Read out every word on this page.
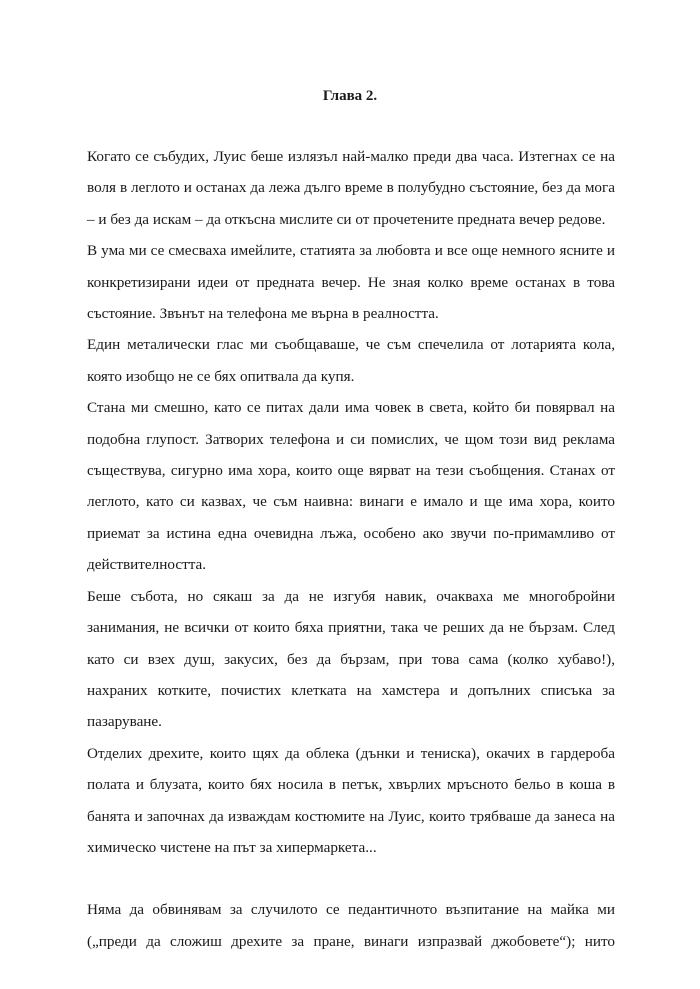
Глава 2.

Когато се събудих, Луис беше излязъл най-малко преди два часа. Изтегнах се на воля в леглото и останах да лежа дълго време в полубудно състояние, без да мога – и без да искам – да откъсна мислите си от прочетените предната вечер редове.

В ума ми се смесваха имейлите, статията за любовта и все още немного ясните и конкретизирани идеи от предната вечер. Не зная колко време останах в това състояние. Звънът на телефона ме върна в реалността.

Един металически глас ми съобщаваше, че съм спечелила от лотарията кола, която изобщо не се бях опитвала да купя.

Стана ми смешно, като се питах дали има човек в света, който би повярвал на подобна глупост. Затворих телефона и си помислих, че щом този вид реклама съществува, сигурно има хора, които още вярват на тези съобщения. Станах от леглото, като си казвах, че съм наивна: винаги е имало и ще има хора, които приемат за истина една очевидна лъжа, особено ако звучи по-примамливо от действителността.

Беше събота, но сякаш за да не изгубя навик, очакваха ме многобройни занимания, не всички от които бяха приятни, така че реших да не бързам. След като си взех душ, закусих, без да бързам, при това сама (колко хубаво!), нахраних котките, почистих клетката на хамстера и допълних списъка за пазаруване.

Отделих дрехите, които щях да облека (дънки и тениска), окачих в гардероба полата и блузата, които бях носила в петък, хвърлих мръсното бельо в коша в банята и започнах да изваждам костюмите на Луис, които трябваше да занеса на химическо чистене на път за хипермаркета...

Няма да обвинявам за случилото се педантичното възпитание на майка ми („преди да сложиш дрехите за пране, винаги изпразвай джобовете“); нито
